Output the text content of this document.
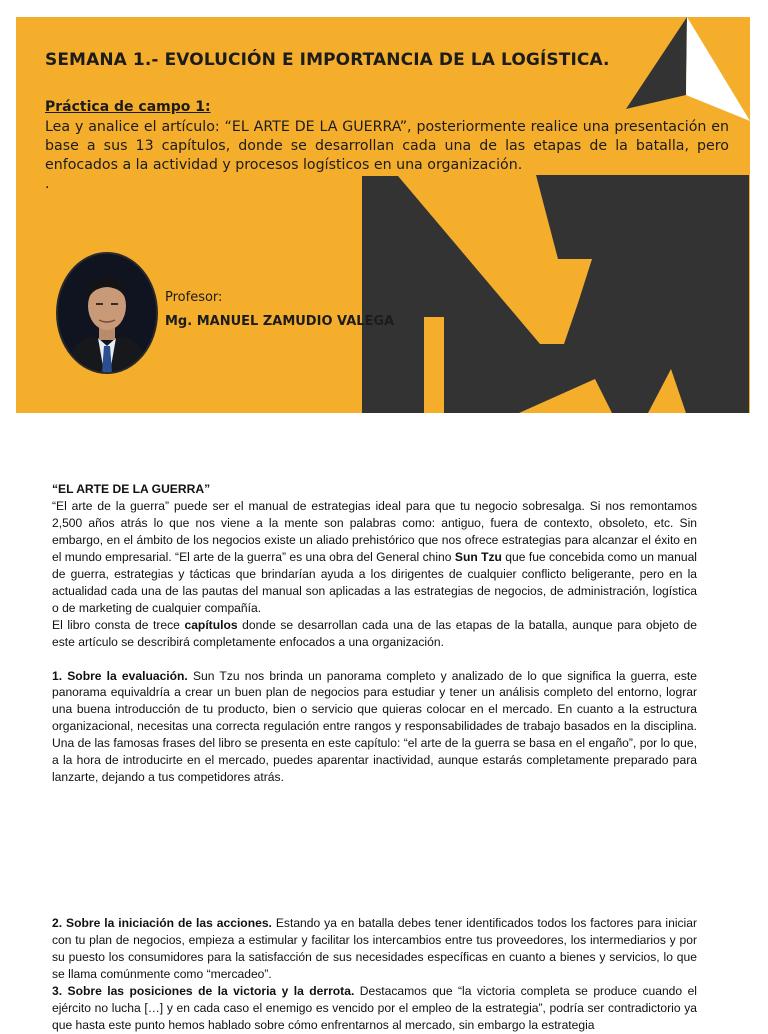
SEMANA 1.- EVOLUCIÓN E IMPORTANCIA DE LA LOGÍSTICA.
Práctica de campo 1:

Lea y analice el artículo: “EL ARTE DE LA GUERRA”, posteriormente realice una presentación en base a sus 13 capítulos, donde se desarrollan cada una de las etapas de la batalla, pero enfocados a la actividad y procesos logísticos en una organización.

.
Profesor:
Mg. MANUEL ZAMUDIO VALEGA

“EL ARTE DE LA GUERRA”

“El arte de la guerra” puede ser el manual de estrategias ideal para que tu negocio sobresalga. Si nos remontamos 2,500 años atrás lo que nos viene a la mente son palabras como: antiguo, fuera de contexto, obsoleto, etc. Sin embargo, en el ámbito de los negocios existe un aliado prehistórico que nos ofrece estrategias para alcanzar el éxito en el mundo empresarial. “El arte de la guerra” es una obra del General chino Sun Tzu que fue concebida como un manual de guerra, estrategias y tácticas que brindarían ayuda a los dirigentes de cualquier conflicto beligerante, pero en la actualidad cada una de las pautas del manual son aplicadas a las estrategias de negocios, de administración, logística o de marketing de cualquier compañía.

El libro consta de trece capítulos donde se desarrollan cada una de las etapas de la batalla, aunque para objeto de este artículo se describirá completamente enfocados a una organización.

1. Sobre la evaluación. Sun Tzu nos brinda un panorama completo y analizado de lo que significa la guerra, este panorama equivaldría a crear un buen plan de negocios para estudiar y tener un análisis completo del entorno, lograr una buena introducción de tu producto, bien o servicio que quieras colocar en el mercado. En cuanto a la estructura organizacional, necesitas una correcta regulación entre rangos y responsabilidades de trabajo basados en la disciplina. Una de las famosas frases del libro se presenta en este capítulo: “el arte de la guerra se basa en el engaño”, por lo que, a la hora de introducirte en el mercado, puedes aparentar inactividad, aunque estarás completamente preparado para lanzarte, dejando a tus competidores atrás.

2. Sobre la iniciación de las acciones. Estando ya en batalla debes tener identificados todos los factores para iniciar con tu plan de negocios, empieza a estimular y facilitar los intercambios entre tus proveedores, los intermediarios y por su puesto los consumidores para la satisfacción de sus necesidades específicas en cuanto a bienes y servicios, lo que se llama comúnmente como “mercadeo”.

3. Sobre las posiciones de la victoria y la derrota. Destacamos que “la victoria completa se produce cuando el ejército no lucha […] y en cada caso el enemigo es vencido por el empleo de la estrategia”, podría ser contradictorio ya que hasta este punto hemos hablado sobre cómo enfrentarnos al mercado, sin embargo la estrategia
